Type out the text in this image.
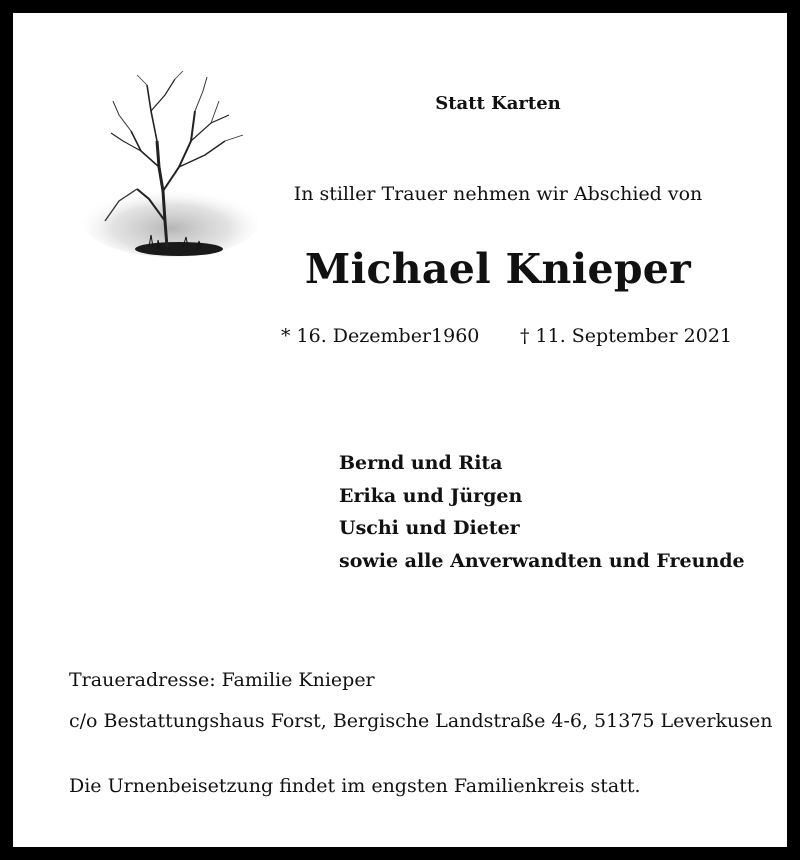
Statt Karten
In stiller Trauer nehmen wir Abschied von
Michael Knieper
* 16. Dezember1960 † 11. September 2021
Bernd und Rita
Erika und Jürgen
Uschi und Dieter
sowie alle Anverwandten und Freunde
Traueradresse: Familie Knieper
c/o Bestattungshaus Forst, Bergische Landstraße 4-6, 51375 Leverkusen
Die Urnenbeisetzung findet im engsten Familienkreis statt.
